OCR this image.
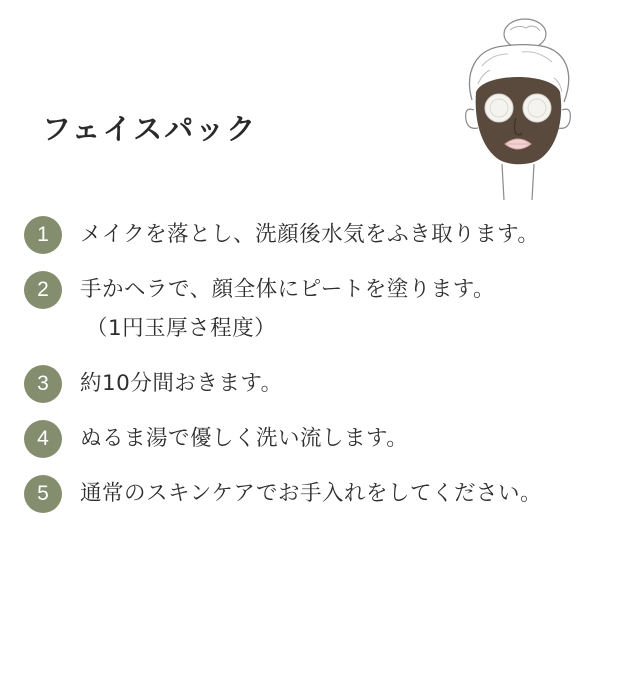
フェイスパック
1	メイクを落とし、洗顔後水気をふき取ります。
2	手かヘラで、顔全体にピートを塗ります。
（1円玉厚さ程度）
3	約10分間おきます。
4	ぬるま湯で優しく洗い流します。
5	通常のスキンケアでお手入れをしてください。
